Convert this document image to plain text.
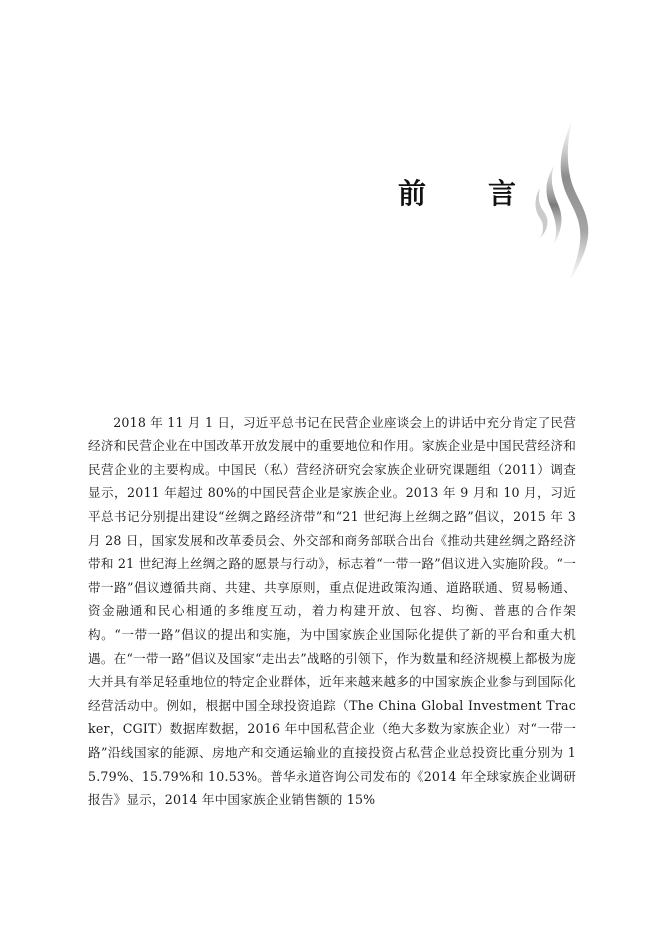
前 言

2018 年 11 月 1 日，习近平总书记在民营企业座谈会上的讲话中充分肯定了民营经济和民营企业在中国改革开放发展中的重要地位和作用。家族企业是中国民营经济和民营企业的主要构成。中国民（私）营经济研究会家族企业研究课题组（2011）调查显示，2011 年超过 80%的中国民营企业是家族企业。2013 年 9 月和 10 月，习近平总书记分别提出建设“丝绸之路经济带”和“21 世纪海上丝绸之路”倡议，2015 年 3 月 28 日，国家发展和改革委员会、外交部和商务部联合出台《推动共建丝绸之路经济带和 21 世纪海上丝绸之路的愿景与行动》，标志着“一带一路”倡议进入实施阶段。“一带一路”倡议遵循共商、共建、共享原则，重点促进政策沟通、道路联通、贸易畅通、资金融通和民心相通的多维度互动，着力构建开放、包容、均衡、普惠的合作架构。“一带一路”倡议的提出和实施，为中国家族企业国际化提供了新的平台和重大机遇。在“一带一路”倡议及国家“走出去”战略的引领下，作为数量和经济规模上都极为庞大并具有举足轻重地位的特定企业群体，近年来越来越多的中国家族企业参与到国际化经营活动中。例如，根据中国全球投资追踪（The China Global Investment Tracker，CGIT）数据库数据，2016 年中国私营企业（绝大多数为家族企业）对“一带一路”沿线国家的能源、房地产和交通运输业的直接投资占私营企业总投资比重分别为 15.79%、15.79%和 10.53%。普华永道咨询公司发布的《2014 年全球家族企业调研报告》显示，2014 年中国家族企业销售额的 15%
